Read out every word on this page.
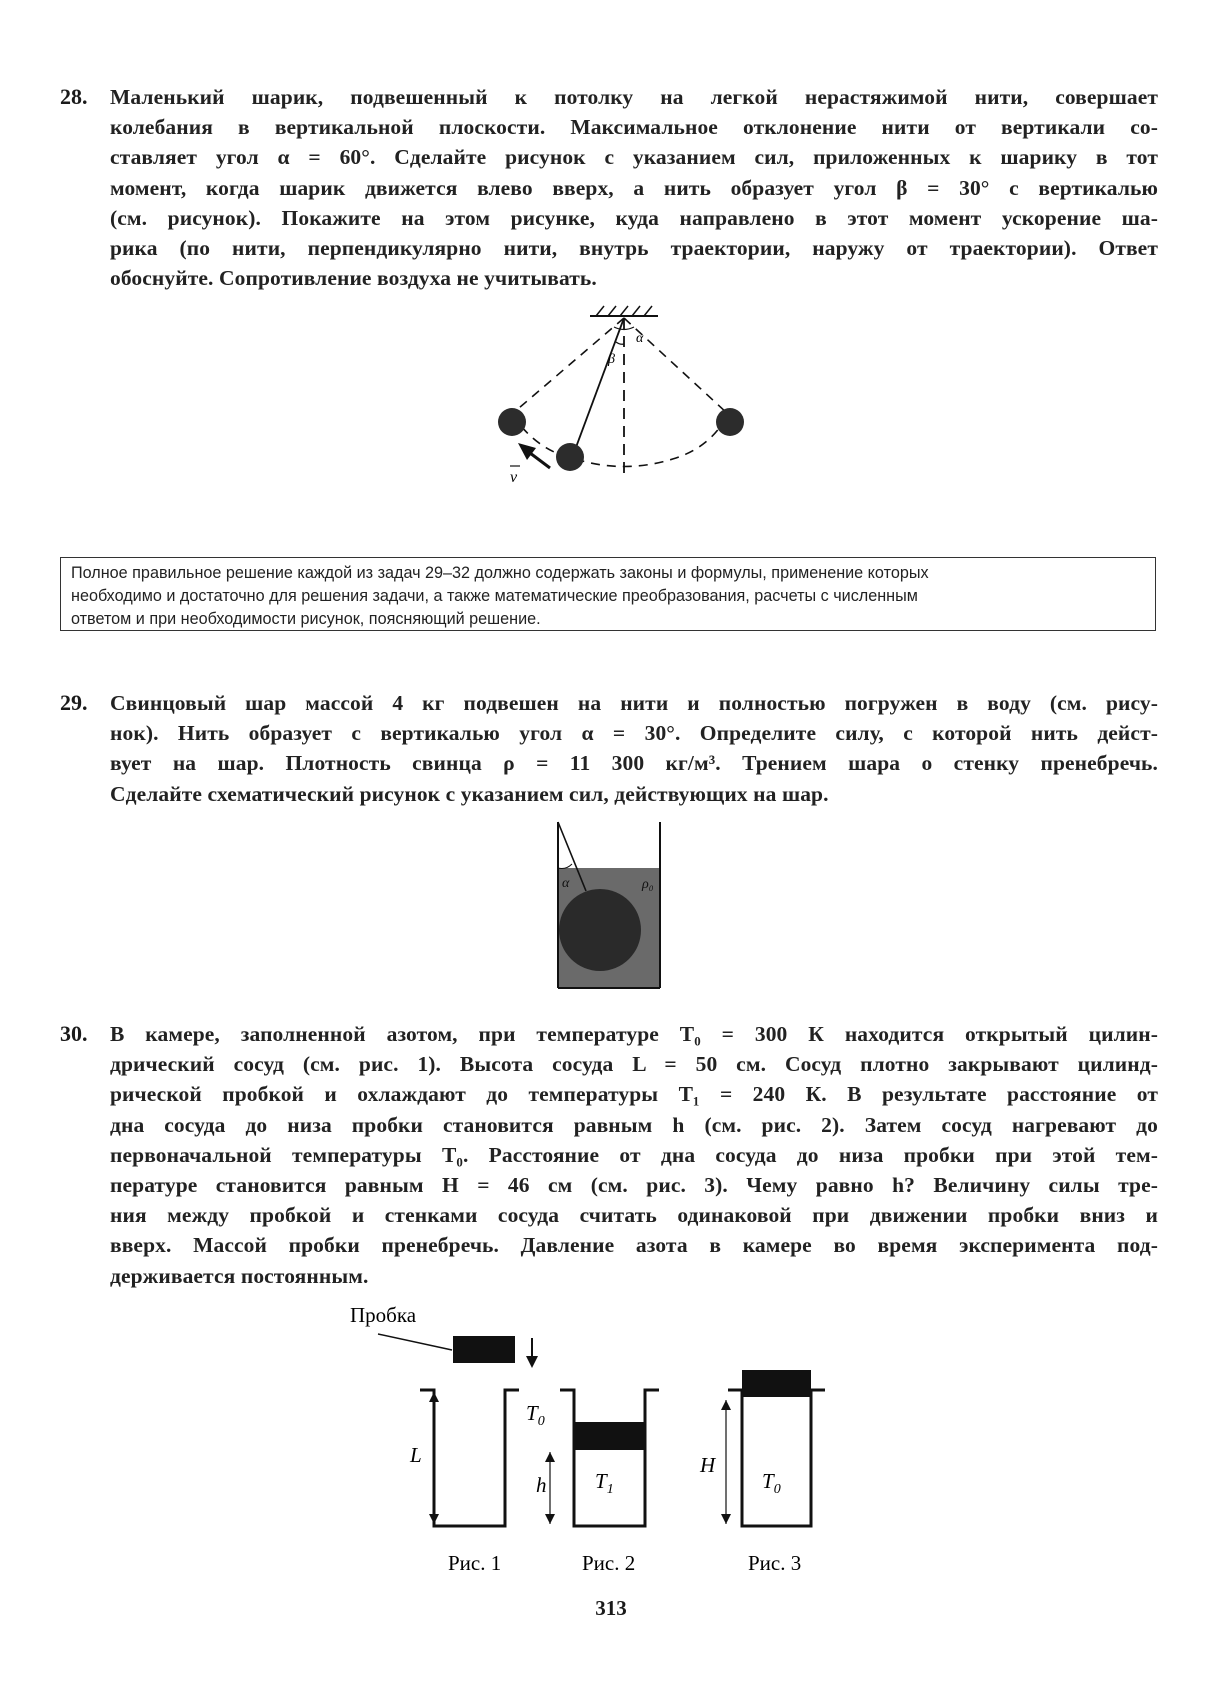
28. Маленький шарик, подвешенный к потолку на легкой нерастяжимой нити, совершает
колебания в вертикальной плоскости. Максимальное отклонение нити от вертикали со-
ставляет угол α = 60°. Сделайте рисунок с указанием сил, приложенных к шарику в тот
момент, когда шарик движется влево вверх, а нить образует угол β = 30° с вертикалью
(см. рисунок). Покажите на этом рисунке, куда направлено в этот момент ускорение ша-
рика (по нити, перпендикулярно нити, внутрь траектории, наружу от траектории). Ответ
обоснуйте. Сопротивление воздуха не учитывать.
α
β
v
Полное правильное решение каждой из задач 29–32 должно содержать законы и формулы, применение которых
необходимо и достаточно для решения задачи, а также математические преобразования, расчеты с численным
ответом и при необходимости рисунок, поясняющий решение.
29. Свинцовый шар массой 4 кг подвешен на нити и полностью погружен в воду (см. рису-
нок). Нить образует с вертикалью угол α = 30°. Определите силу, с которой нить дейст-
вует на шар. Плотность свинца ρ = 11 300 кг/м³. Трением шара о стенку пренебречь.
Сделайте схематический рисунок с указанием сил, действующих на шар.
α	ρ₀
30. В камере, заполненной азотом, при температуре T₀ = 300 К находится открытый цилин-
дрический сосуд (см. рис. 1). Высота сосуда L = 50 см. Сосуд плотно закрывают цилинд-
рической пробкой и охлаждают до температуры T₁ = 240 К. В результате расстояние от
дна сосуда до низа пробки становится равным h (см. рис. 2). Затем сосуд нагревают до
первоначальной температуры T₀. Расстояние от дна сосуда до низа пробки при этой тем-
пературе становится равным H = 46 см (см. рис. 3). Чему равно h? Величину силы тре-
ния между пробкой и стенками сосуда считать одинаковой при движении пробки вниз и
вверх. Массой пробки пренебречь. Давление азота в камере во время эксперимента под-
держивается постоянным.
Пробка
L
$T_0$
Рис. 1
h $T_1$
Рис. 2
H
$T_0$
Рис. 3
313
